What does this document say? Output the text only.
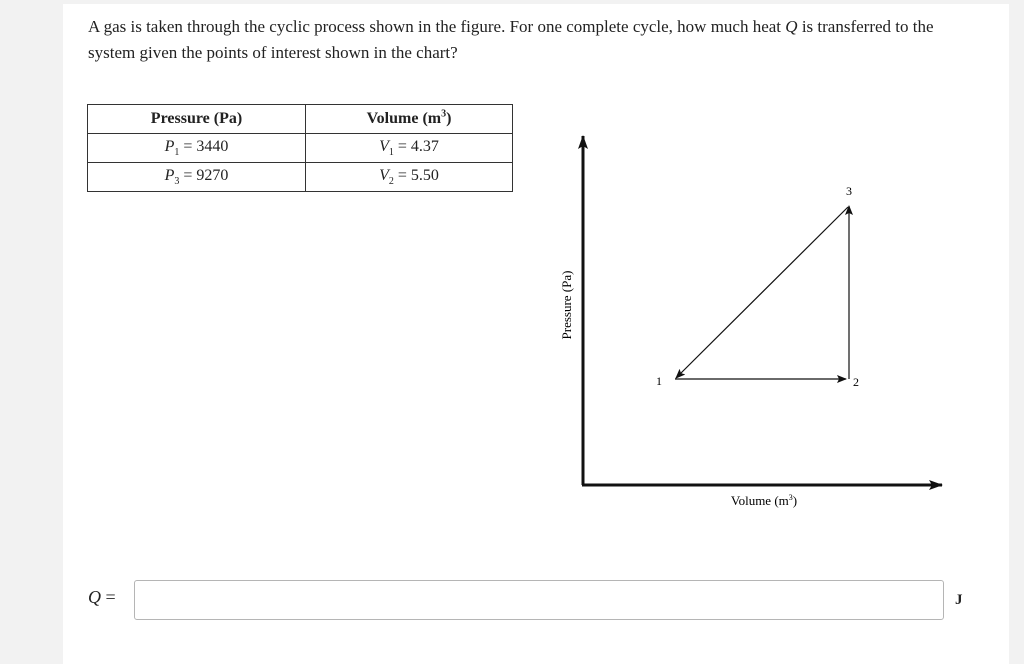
A gas is taken through the cyclic process shown in the figure. For one complete cycle, how much heat Q is transferred to the system given the points of interest shown in the chart?
Pressure (Pa)	Volume $(m^3)$
$P_1 = 3440$	$V_1 = 4.37$
$P_3 = 9270$	$V_2 = 5.50$
1	2
3
Pressure (Pa)
Volume $(m^3)$
Q =	J
